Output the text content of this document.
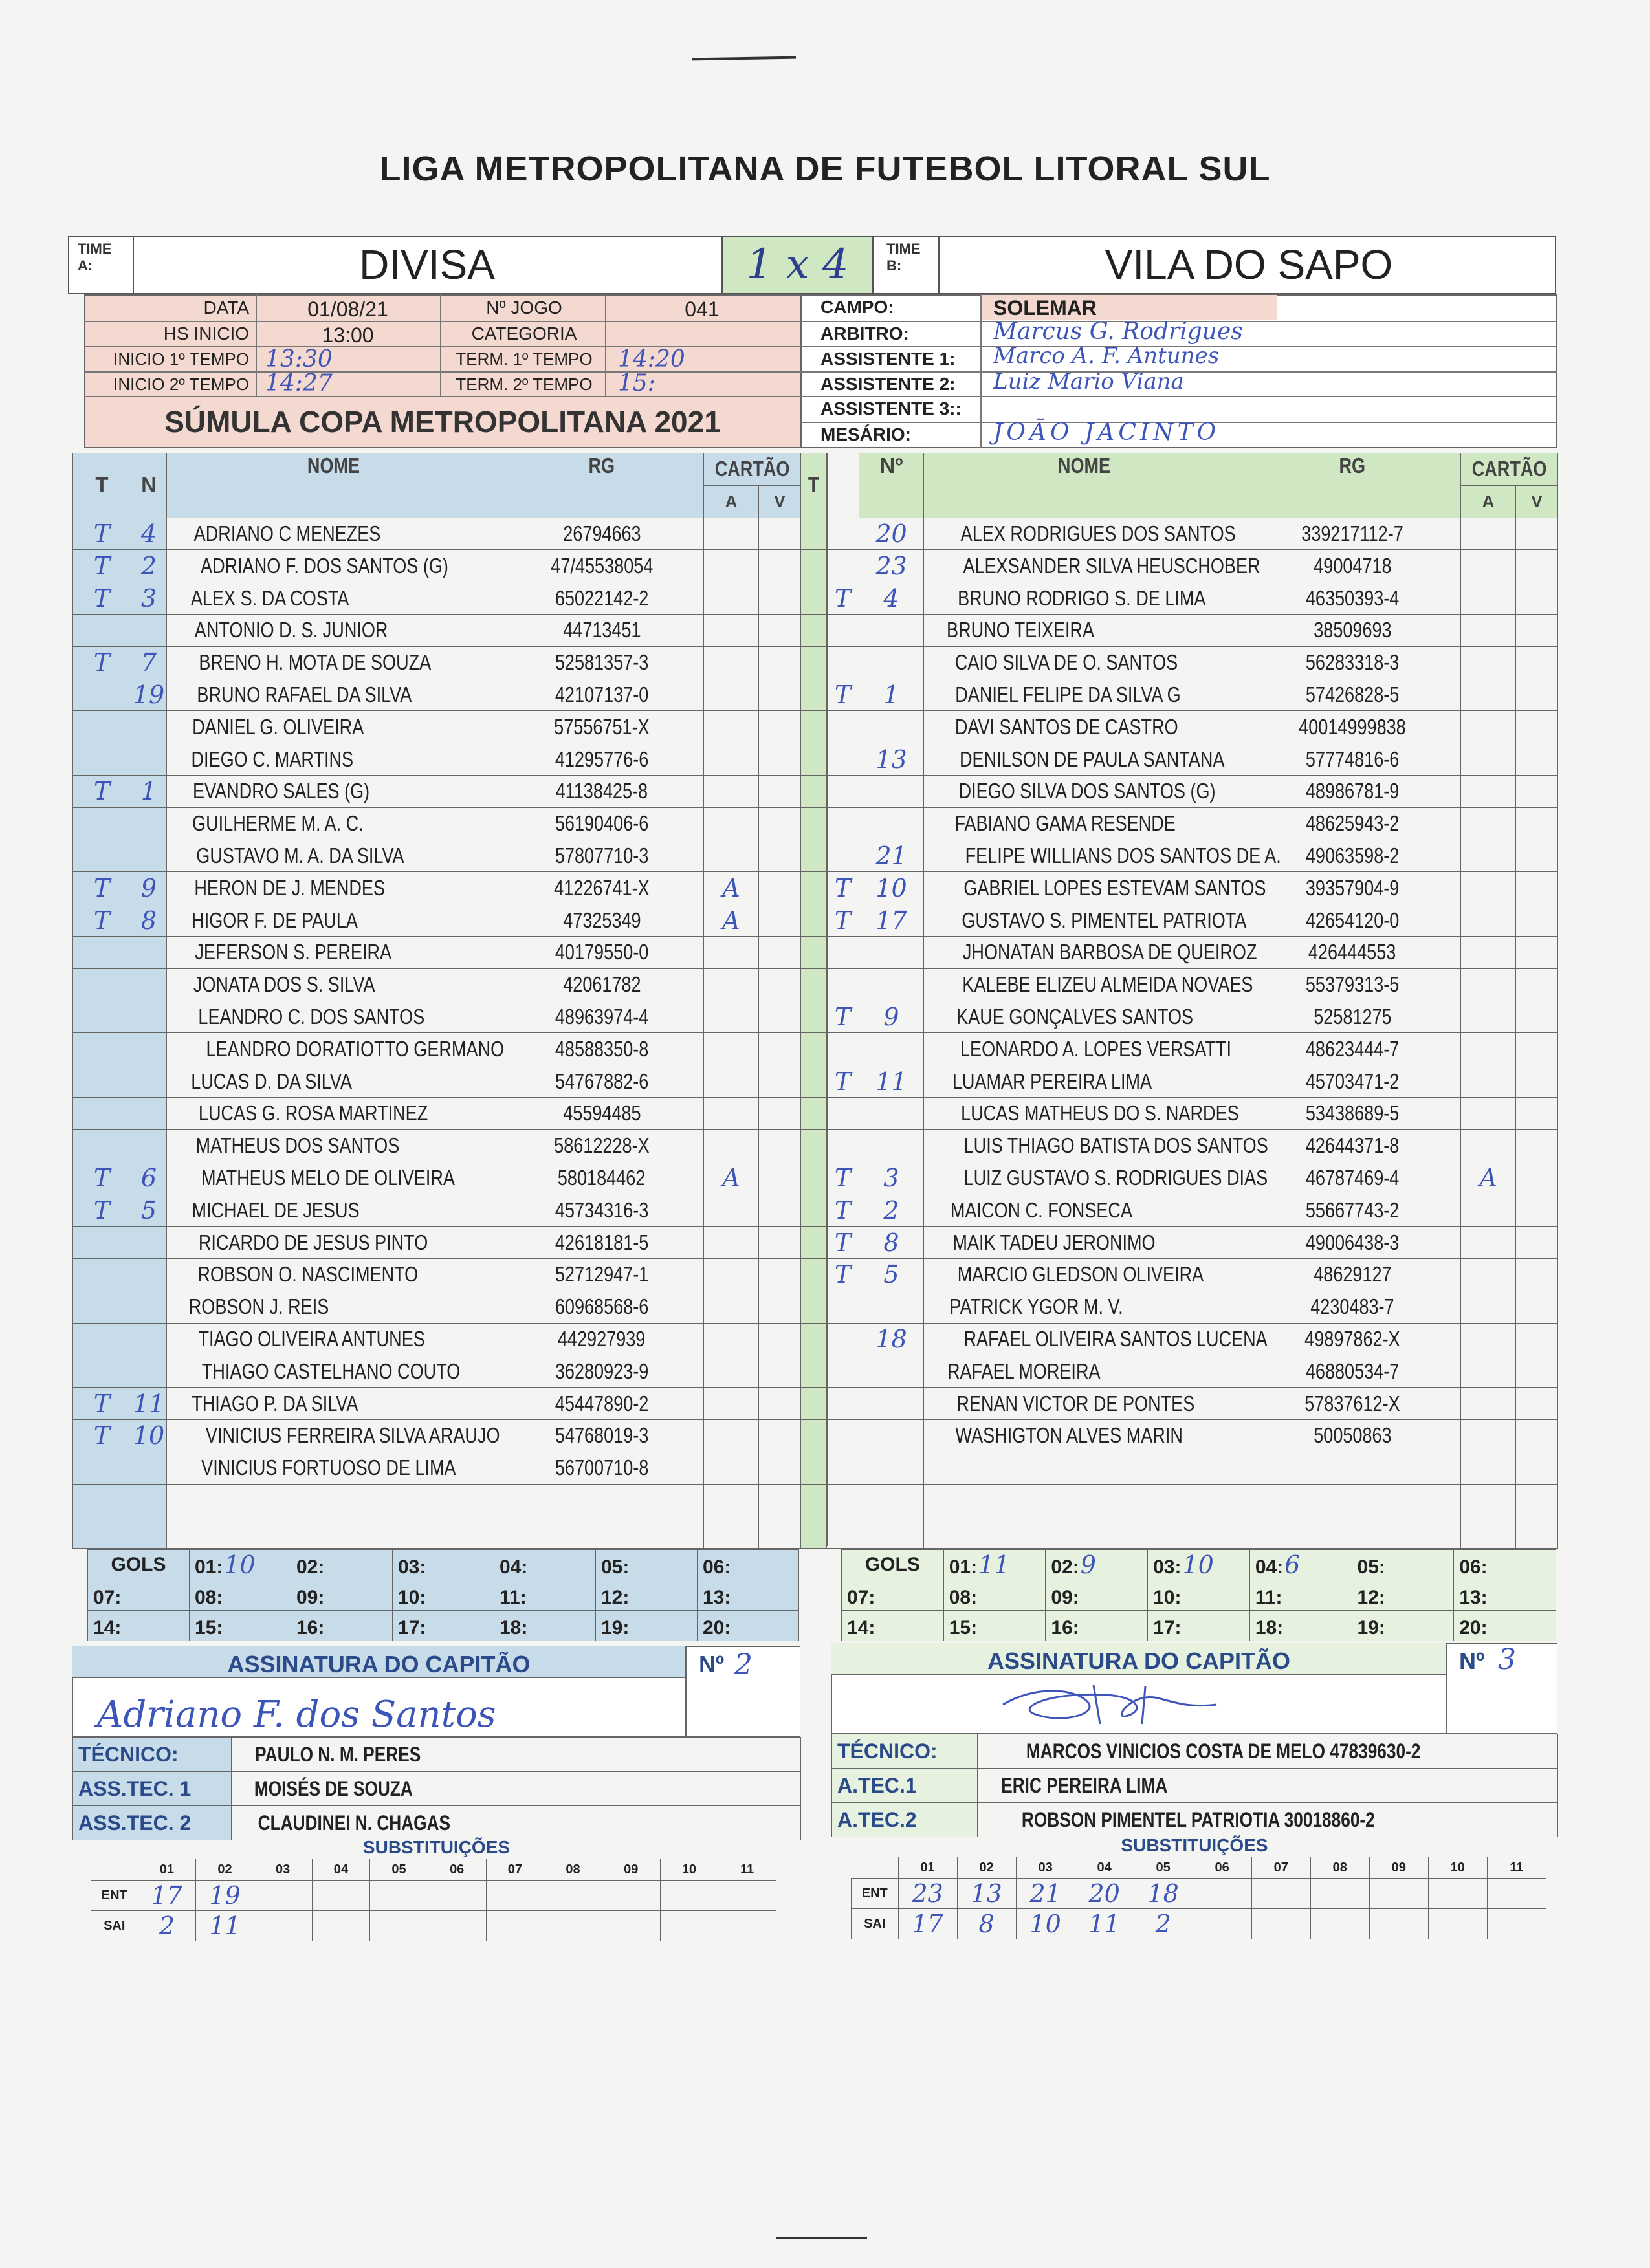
LIGA METROPOLITANA DE FUTEBOL LITORAL SUL
TIME A:	DIVISA	1 x 4	TIME B:	VILA DO SAPO
DATA	01/08/21	Nº JOGO	041
HS INICIO	13:00	CATEGORIA
INICIO 1º TEMPO 13:30	TERM. 1º TEMPO	14:20
INICIO 2º TEMPO 14:27	TERM. 2º TEMPO	15:
SÚMULA COPA METROPOLITANA 2021
CAMPO:	SOLEMAR
ARBITRO:	Marcus G. Rodrigues
ASSISTENTE 1: Marco A. F. Antunes
ASSISTENTE 2: Luiz Mario Viana
ASSISTENTE 3::
MESÁRIO:	JOÃO JACINTO
T	N	NOME	RG	CARTÃO	
				A	V
T	4	ADRIANO C MENEZES	26794663		
T	2	ADRIANO F. DOS SANTOS (G)	47/45538054		
T	3	ALEX S. DA COSTA	65022142-2		
		ANTONIO D. S. JUNIOR	44713451		
T	7	BRENO H. MOTA DE SOUZA	52581357-3		
	19	BRUNO RAFAEL DA SILVA	42107137-0		
		DANIEL G. OLIVEIRA	57556751-X		
		DIEGO C. MARTINS	41295776-6		
T	1	EVANDRO SALES (G)	41138425-8		
		GUILHERME M. A. C.	56190406-6		
		GUSTAVO M. A. DA SILVA	57807710-3		
T	9	HERON DE J. MENDES	41226741-X	A	
T	8	HIGOR F. DE PAULA	47325349	A	
		JEFERSON S. PEREIRA	40179550-0		
		JONATA DOS S. SILVA	42061782		
		LEANDRO C. DOS SANTOS	48963974-4		
		LEANDRO DORATIOTTO GERMANO	48588350-8		
		LUCAS D. DA SILVA	54767882-6		
		LUCAS G. ROSA MARTINEZ	45594485		
		MATHEUS DOS SANTOS	58612228-X		
T	6	MATHEUS MELO DE OLIVEIRA	580184462	A	
T	5	MICHAEL DE JESUS	45734316-3		
		RICARDO DE JESUS PINTO	42618181-5		
		ROBSON O. NASCIMENTO	52712947-1		
		ROBSON J. REIS	60968568-6		
		TIAGO OLIVEIRA ANTUNES	442927939		
		THIAGO CASTELHANO COUTO	36280923-9		
T	11	THIAGO P. DA SILVA	45447890-2		
T	10	VINICIUS FERREIRA SILVA ARAUJO	54768019-3		
		VINICIUS FORTUOSO DE LIMA	56700710-8		

T		Nº	NOME	RG	CARTÃO	
					A	V
		20	ALEX RODRIGUES DOS SANTOS	339217112-7		
		23	ALEXSANDER SILVA HEUSCHOBER	49004718		
	T	4	BRUNO RODRIGO S. DE LIMA	46350393-4		
			BRUNO TEIXEIRA	38509693		
			CAIO SILVA DE O. SANTOS	56283318-3		
	T	1	DANIEL FELIPE DA SILVA G	57426828-5		
			DAVI SANTOS DE CASTRO	40014999838		
		13	DENILSON DE PAULA SANTANA	57774816-6		
			DIEGO SILVA DOS SANTOS (G)	48986781-9		
			FABIANO GAMA RESENDE	48625943-2		
		21	FELIPE WILLIANS DOS SANTOS DE A.	49063598-2		
	T	10	GABRIEL LOPES ESTEVAM SANTOS	39357904-9		
	T	17	GUSTAVO S. PIMENTEL PATRIOTA	42654120-0		
			JHONATAN BARBOSA DE QUEIROZ	426444553		
			KALEBE ELIZEU ALMEIDA NOVAES	55379313-5		
	T	9	KAUE GONÇALVES SANTOS	52581275		
			LEONARDO A. LOPES VERSATTI	48623444-7		
	T	11	LUAMAR PEREIRA LIMA	45703471-2		
			LUCAS MATHEUS DO S. NARDES	53438689-5		
			LUIS THIAGO BATISTA DOS SANTOS	42644371-8		
	T	3	LUIZ GUSTAVO S. RODRIGUES DIAS	46787469-4	A	
	T	2	MAICON C. FONSECA	55667743-2		
	T	8	MAIK TADEU JERONIMO	49006438-3		
	T	5	MARCIO GLEDSON OLIVEIRA	48629127		
			PATRICK YGOR M. V.	4230483-7		
		18	RAFAEL OLIVEIRA SANTOS LUCENA	49897862-X		
			RAFAEL MOREIRA	46880534-7		
			RENAN VICTOR DE PONTES	57837612-X		
			WASHIGTON ALVES MARIN	50050863		

GOLS	01:10	02:	03:	04:	05:	06:
07:	08:	09:	10:	11:	12:	13:
14:	15:	16:	17:	18:	19:	20:
GOLS	01:11	02:9	03:10	04:6	05:	06:
07:	08:	09:	10:	11:	12:	13:
14:	15:	16:	17:	18:	19:	20:
ASSINATURA DO CAPITÃO	Nº 2
Adriano F. dos Santos
ASSINATURA DO CAPITÃO	Nº 3
TÉCNICO:	PAULO N. M. PERES
ASS.TEC. 1	MOISÉS DE SOUZA
ASS.TEC. 2	CLAUDINEI N. CHAGAS
TÉCNICO:	MARCOS VINICIOS COSTA DE MELO 47839630-2
A.TEC.1	ERIC PEREIRA LIMA
A.TEC.2	ROBSON PIMENTEL PATRIOTIA 30018860-2
SUBSTITUIÇÕES
	01	02	03	04	05	06	07	08	09	10	11
ENT	17	19									
SAI	2	11									
SUBSTITUIÇÕES
	01	02	03	04	05	06	07	08	09	10	11
ENT	23	13	21	20	18						
SAI	17	8	10	11	2						
